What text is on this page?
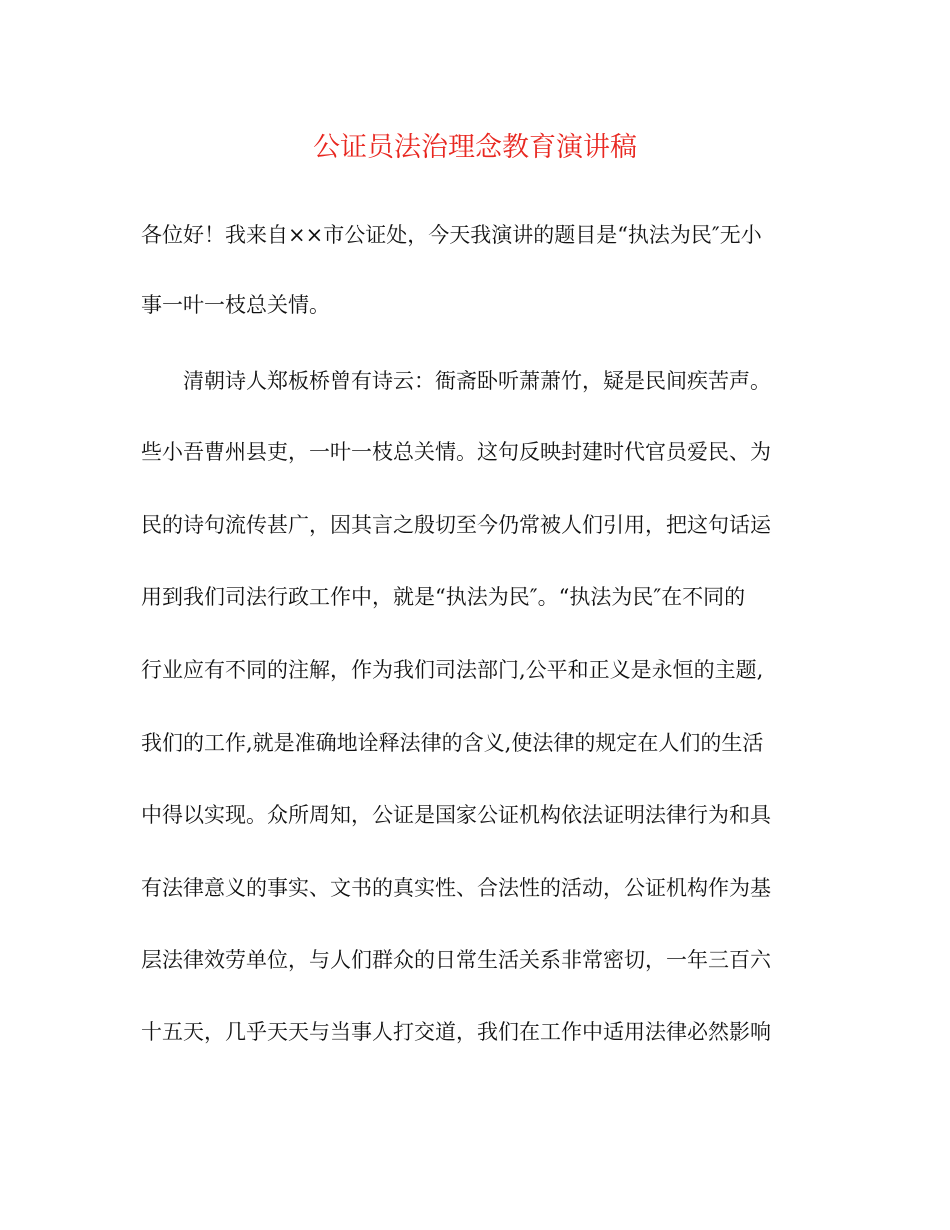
公证员法治理念教育演讲稿

各位好！我来自××市公证处，今天我演讲的题目是“执法为民″无小

事一叶一枝总关情。

清朝诗人郑板桥曾有诗云：衙斋卧听萧萧竹，疑是民间疾苦声。

些小吾曹州县吏，一叶一枝总关情。这句反映封建时代官员爱民、为

民的诗句流传甚广，因其言之殷切至今仍常被人们引用，把这句话运

用到我们司法行政工作中，就是“执法为民″。“执法为民″在不同的

行业应有不同的注解，作为我们司法部门,公平和正义是永恒的主题,

我们的工作,就是准确地诠释法律的含义,使法律的规定在人们的生活

中得以实现。众所周知，公证是国家公证机构依法证明法律行为和具

有法律意义的事实、文书的真实性、合法性的活动，公证机构作为基

层法律效劳单位，与人们群众的日常生活关系非常密切，一年三百六

十五天，几乎天天与当事人打交道，我们在工作中适用法律必然影响
